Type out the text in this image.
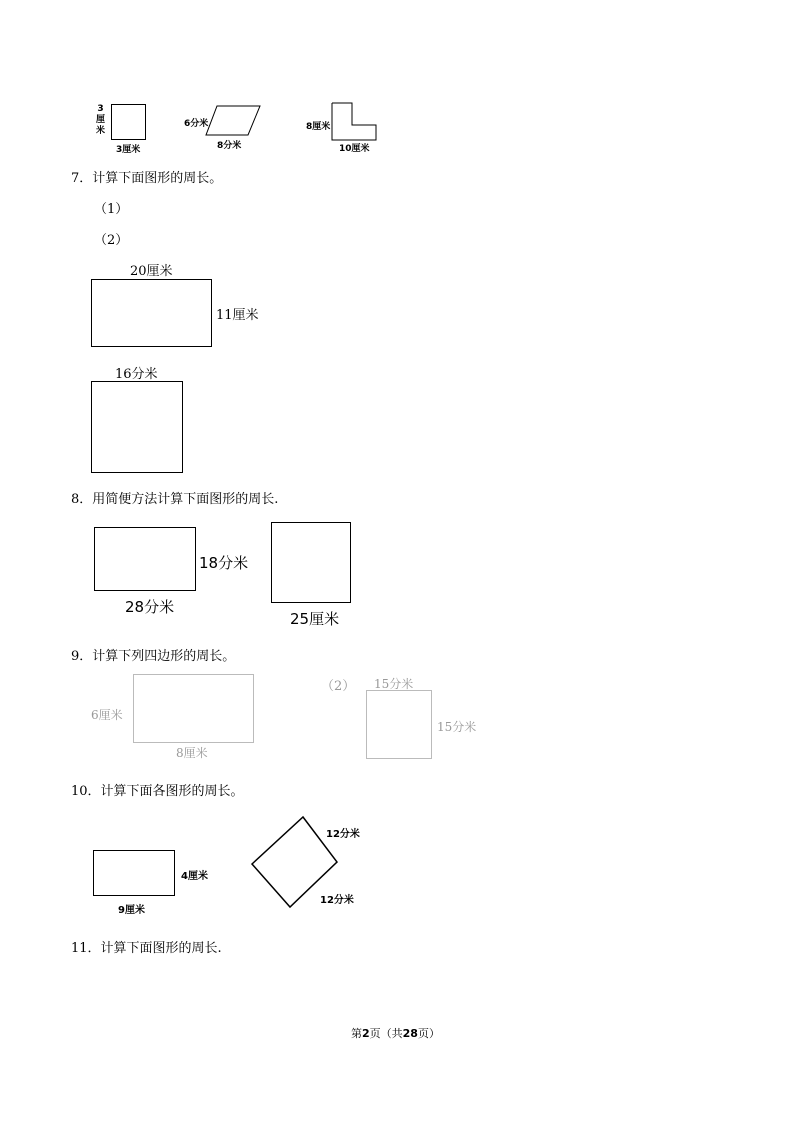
3
厘
米
3厘米
6分米
8分米
8厘米
10厘米
7．计算下面图形的周长。
（1）
（2）
20厘米
11厘米
16分米
8．用简便方法计算下面图形的周长.
18分米
28分米
25厘米
9．计算下列四边形的周长。
6厘米
8厘米
（2） 15分米
15分米
10．计算下面各图形的周长。
4厘米
9厘米
12分米
12分米
11．计算下面图形的周长.
第2页（共28页）
